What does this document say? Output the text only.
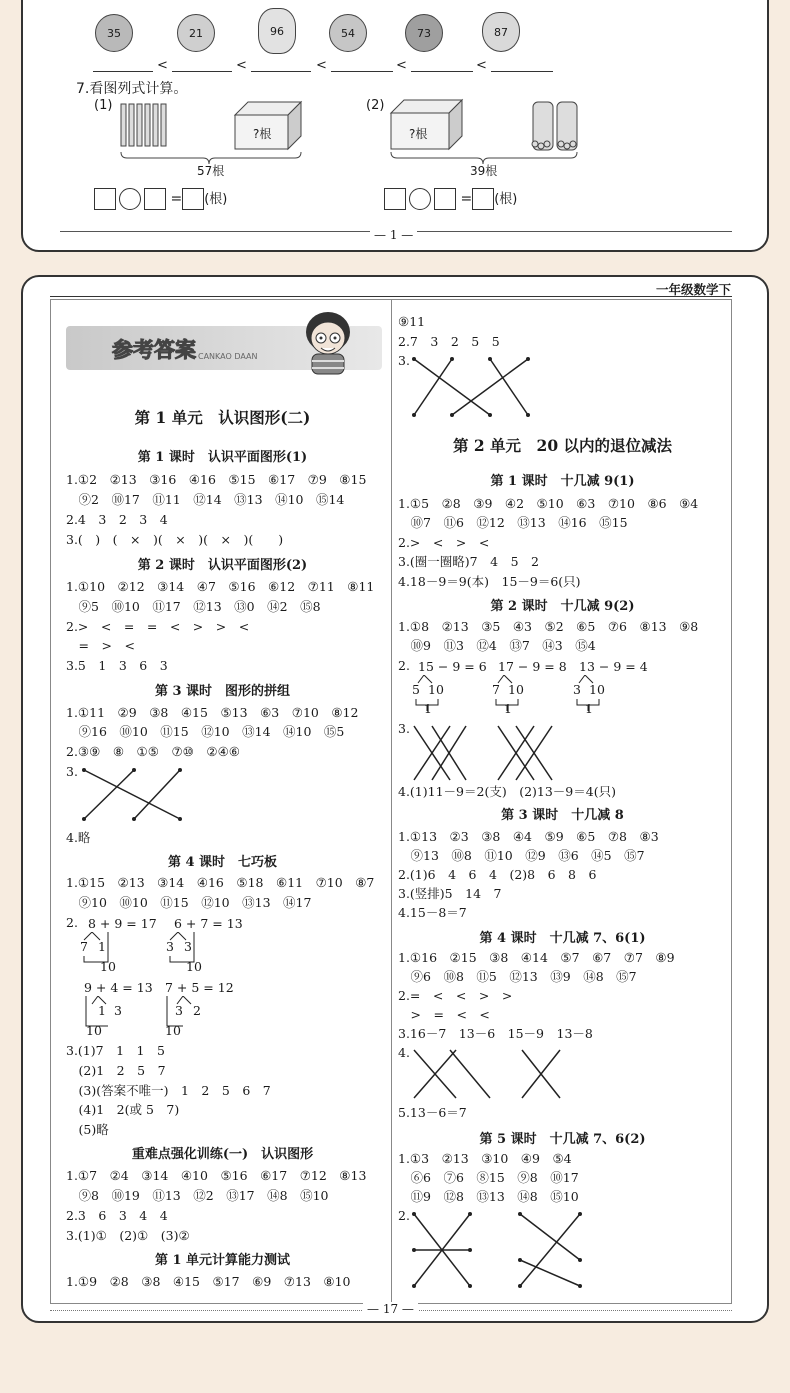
35	21	96	54	73	87
<	<	<	<	<
7.看图列式计算。
(1)
?根
57根
= (根)
(2)
?根
39根
= (根)
— 1 —
一年级数学下
参考答案 CANKAO DAAN
第 1 单元　认识图形(二)
第 1 课时　认识平面图形(1)
1.①2　②13　③16　④16　⑤15　⑥17　⑦9　⑧15
　⑨2　⑩17　⑪11　⑫14　⑬13　⑭10　⑮14
2.4　3　2　3　4
3.(　)　(　×　)(　×　)(　×　)(　　)
第 2 课时　认识平面图形(2)
1.①10　②12　③14　④7　⑤16　⑥12　⑦11　⑧11
　⑨5　⑩10　⑪17　⑫13　⑬0　⑭2　⑮8
2.>　<　=　=　<　>　>　<
　=　>　<
3.5　1　3　6　3
第 3 课时　图形的拼组
1.①11　②9　③8　④15　⑤13　⑥3　⑦10　⑧12
　⑨16　⑩10　⑪15　⑫10　⑬14　⑭10　⑮5
2.③⑨　⑧　①⑤　⑦⑩　②④⑥
3.
4.略
第 4 课时　七巧板
1.①15　②13　③14　④16　⑤18　⑥11　⑦10　⑧7
　⑨10　⑩10　⑪15　⑫10　⑬13　⑭17
2. 8 + 9 = 17
7 1
10
6 + 7 = 13
3 3
10
9 + 4 = 13
1 3
10
7 + 5 = 12
3 2
10
3.(1)7　1　1　5
　(2)1　2　5　7
　(3)(答案不唯一)　1　2　5　6　7
　(4)1　2(或 5　7)
　(5)略
重难点强化训练(一)　认识图形
1.①7　②4　③14　④10　⑤16　⑥17　⑦12　⑧13
　⑨8　⑩19　⑪13　⑫2　⑬17　⑭8　⑮10
2.3　6　3　4　4
3.(1)①　(2)①　(3)②
第 1 单元计算能力测试
1.①9　②8　③8　④15　⑤17　⑥9　⑦13　⑧10
⑨11
2.7　3　2　5　5
3.
第 2 单元　20 以内的退位减法
第 1 课时　十几减 9(1)
1.①5　②8　③9　④2　⑤10　⑥3　⑦10　⑧6　⑨4
　⑩7　⑪6　⑫12　⑬13　⑭16　⑮15
2.>　<　>　<
3.(圈一圈略)7　4　5　2
4.18－9＝9(本)　15－9＝6(只)
第 2 课时　十几减 9(2)
1.①8　②13　③5　④3　⑤2　⑥5　⑦6　⑧13　⑨8
　⑩9　⑪3　⑫4　⑬7　⑭3　⑮4
2. 15 − 9 = 6
5 10
1
17 − 9 = 8
7 10
1
13 − 9 = 4
3 10
1
3.
4.(1)11－9＝2(支)　(2)13－9＝4(只)
第 3 课时　十几减 8
1.①13　②3　③8　④4　⑤9　⑥5　⑦8　⑧3
　⑨13　⑩8　⑪10　⑫9　⑬6　⑭5　⑮7
2.(1)6　4　6　4　(2)8　6　8　6
3.(竖排)5　14　7
4.15－8＝7
第 4 课时　十几减 7、6(1)
1.①16　②15　③8　④14　⑤7　⑥7　⑦7　⑧9
　⑨6　⑩8　⑪5　⑫13　⑬9　⑭8　⑮7
2.=　<　<　>　>
　>　=　<　<
3.16－7　13－6　15－9　13－8
4.
5.13－6＝7
第 5 课时　十几减 7、6(2)
1.①3　②13　③10　④9　⑤4
　⑥6　⑦6　⑧15　⑨8　⑩17
　⑪9　⑫8　⑬13　⑭8　⑮10
2.
— 17 —
